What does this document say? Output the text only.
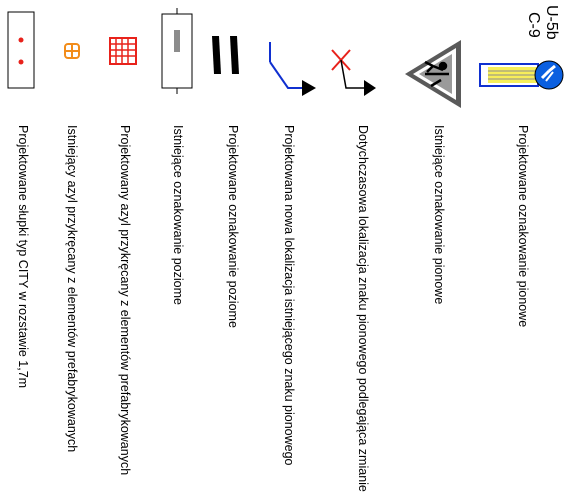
U-5b
C-9
Projektowane oznakowanie pionowe
Istniejące oznakowanie pionowe
Dotychczasowa lokalizacja znaku pionowego podlegająca zmianie
Projektowana nowa lokalizacja istniejącego znaku pionowego
Projektowane oznakowanie poziome
Istniejące oznakowanie poziome
Projektowany azyl przykręcany z elementów prefabrykowanych
Istniejący azyl przykręcany z elementów prefabrykowanych
Projektowane słupki typ CITY w rozstawie 1,7m
